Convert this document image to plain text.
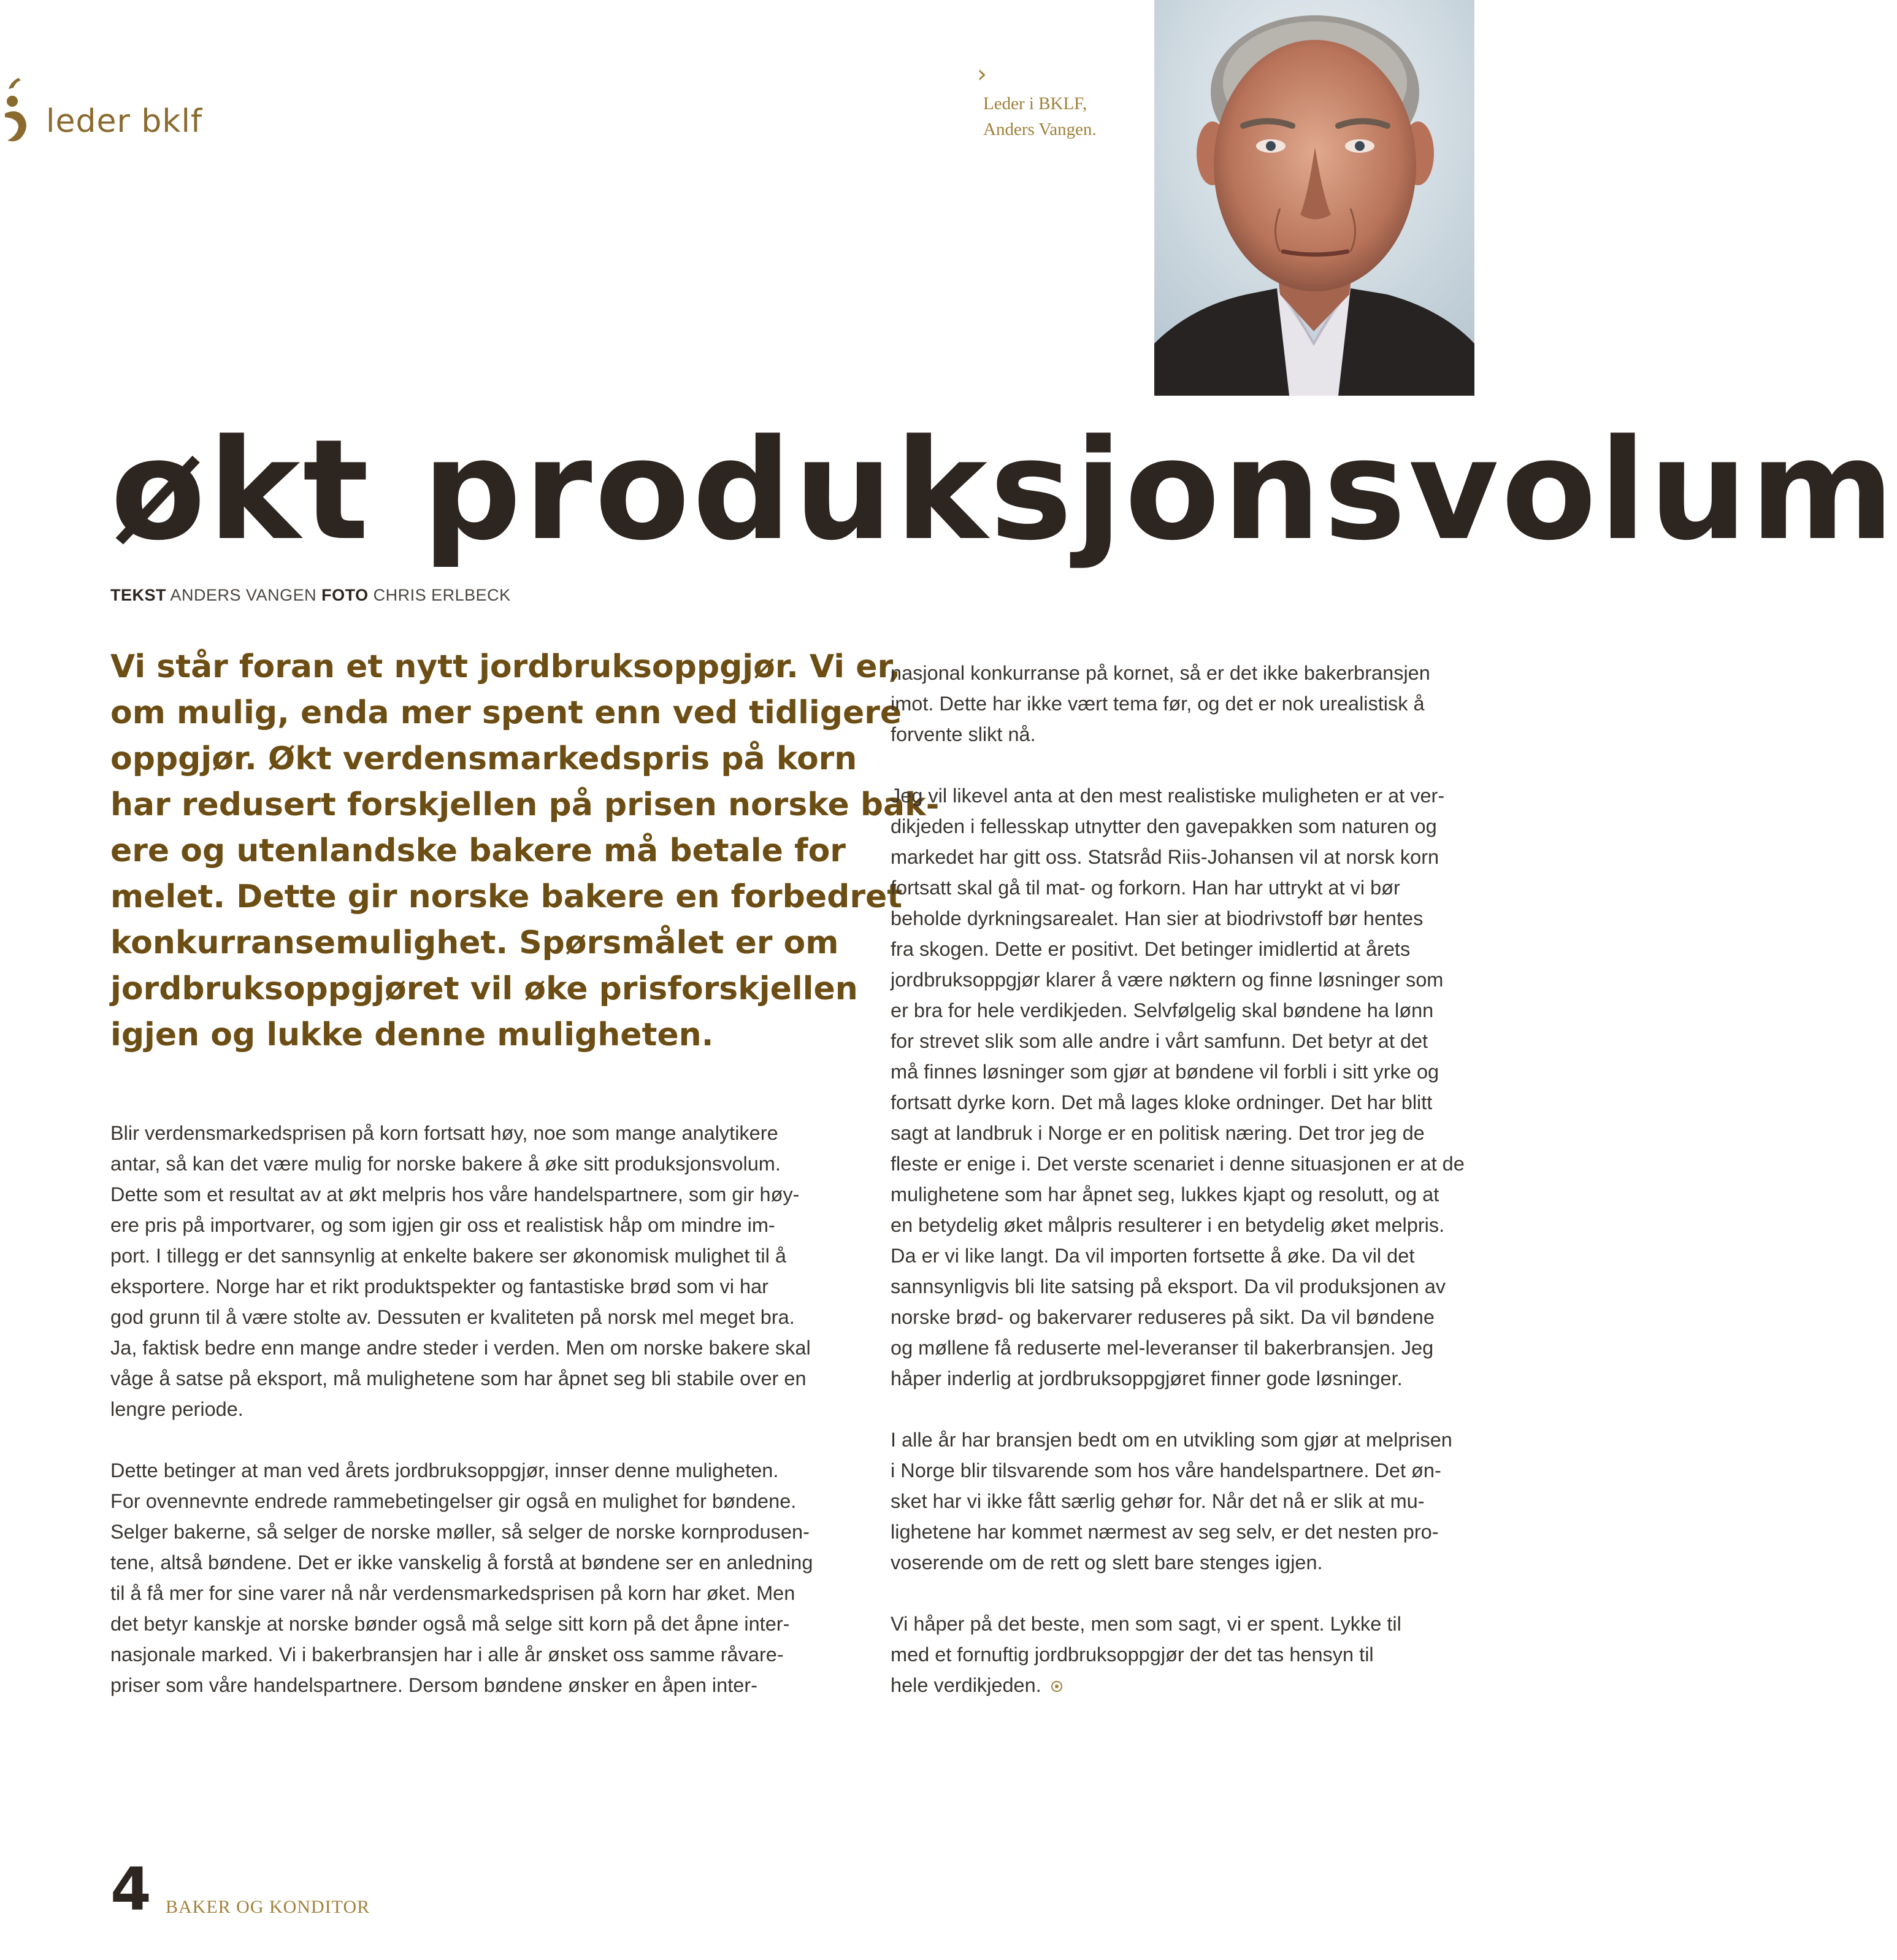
leder bklf
›
Leder i BKLF,
Anders Vangen.
økt produksjonsvolum
TEKST ANDERS VANGEN FOTO CHRIS ERLBECK
Vi står foran et nytt jordbruksoppgjør. Vi er,
om mulig, enda mer spent enn ved tidligere
oppgjør. Økt verdensmarkedspris på korn
har redusert forskjellen på prisen norske bak-
ere og utenlandske bakere må betale for
melet. Dette gir norske bakere en forbedret
konkurransemulighet. Spørsmålet er om
jordbruksoppgjøret vil øke prisforskjellen
igjen og lukke denne muligheten.
Blir verdensmarkedsprisen på korn fortsatt høy, noe som mange analytikere
antar, så kan det være mulig for norske bakere å øke sitt produksjonsvolum.
Dette som et resultat av at økt melpris hos våre handelspartnere, som gir høy-
ere pris på importvarer, og som igjen gir oss et realistisk håp om mindre im-
port. I tillegg er det sannsynlig at enkelte bakere ser økonomisk mulighet til å
eksportere. Norge har et rikt produktspekter og fantastiske brød som vi har
god grunn til å være stolte av. Dessuten er kvaliteten på norsk mel meget bra.
Ja, faktisk bedre enn mange andre steder i verden. Men om norske bakere skal
våge å satse på eksport, må mulighetene som har åpnet seg bli stabile over en
lengre periode.
Dette betinger at man ved årets jordbruksoppgjør, innser denne muligheten.
For ovennevnte endrede rammebetingelser gir også en mulighet for bøndene.
Selger bakerne, så selger de norske møller, så selger de norske kornprodusen-
tene, altså bøndene. Det er ikke vanskelig å forstå at bøndene ser en anledning
til å få mer for sine varer nå når verdensmarkedsprisen på korn har øket. Men
det betyr kanskje at norske bønder også må selge sitt korn på det åpne inter-
nasjonale marked. Vi i bakerbransjen har i alle år ønsket oss samme råvare-
priser som våre handelspartnere. Dersom bøndene ønsker en åpen inter-
nasjonal konkurranse på kornet, så er det ikke bakerbransjen
imot. Dette har ikke vært tema før, og det er nok urealistisk å
forvente slikt nå.
Jeg vil likevel anta at den mest realistiske muligheten er at ver-
dikjeden i fellesskap utnytter den gavepakken som naturen og
markedet har gitt oss. Statsråd Riis-Johansen vil at norsk korn
fortsatt skal gå til mat- og forkorn. Han har uttrykt at vi bør
beholde dyrkningsarealet. Han sier at biodrivstoff bør hentes
fra skogen. Dette er positivt. Det betinger imidlertid at årets
jordbruksoppgjør klarer å være nøktern og finne løsninger som
er bra for hele verdikjeden. Selvfølgelig skal bøndene ha lønn
for strevet slik som alle andre i vårt samfunn. Det betyr at det
må finnes løsninger som gjør at bøndene vil forbli i sitt yrke og
fortsatt dyrke korn. Det må lages kloke ordninger. Det har blitt
sagt at landbruk i Norge er en politisk næring. Det tror jeg de
fleste er enige i. Det verste scenariet i denne situasjonen er at de
mulighetene som har åpnet seg, lukkes kjapt og resolutt, og at
en betydelig øket målpris resulterer i en betydelig øket melpris.
Da er vi like langt. Da vil importen fortsette å øke. Da vil det
sannsynligvis bli lite satsing på eksport. Da vil produksjonen av
norske brød- og bakervarer reduseres på sikt. Da vil bøndene
og møllene få reduserte mel-leveranser til bakerbransjen. Jeg
håper inderlig at jordbruksoppgjøret finner gode løsninger.
I alle år har bransjen bedt om en utvikling som gjør at melprisen
i Norge blir tilsvarende som hos våre handelspartnere. Det øn-
sket har vi ikke fått særlig gehør for. Når det nå er slik at mu-
lighetene har kommet nærmest av seg selv, er det nesten pro-
voserende om de rett og slett bare stenges igjen.
Vi håper på det beste, men som sagt, vi er spent. Lykke til
med et fornuftig jordbruksoppgjør der det tas hensyn til
hele verdikjeden.
4 BAKER OG KONDITOR
